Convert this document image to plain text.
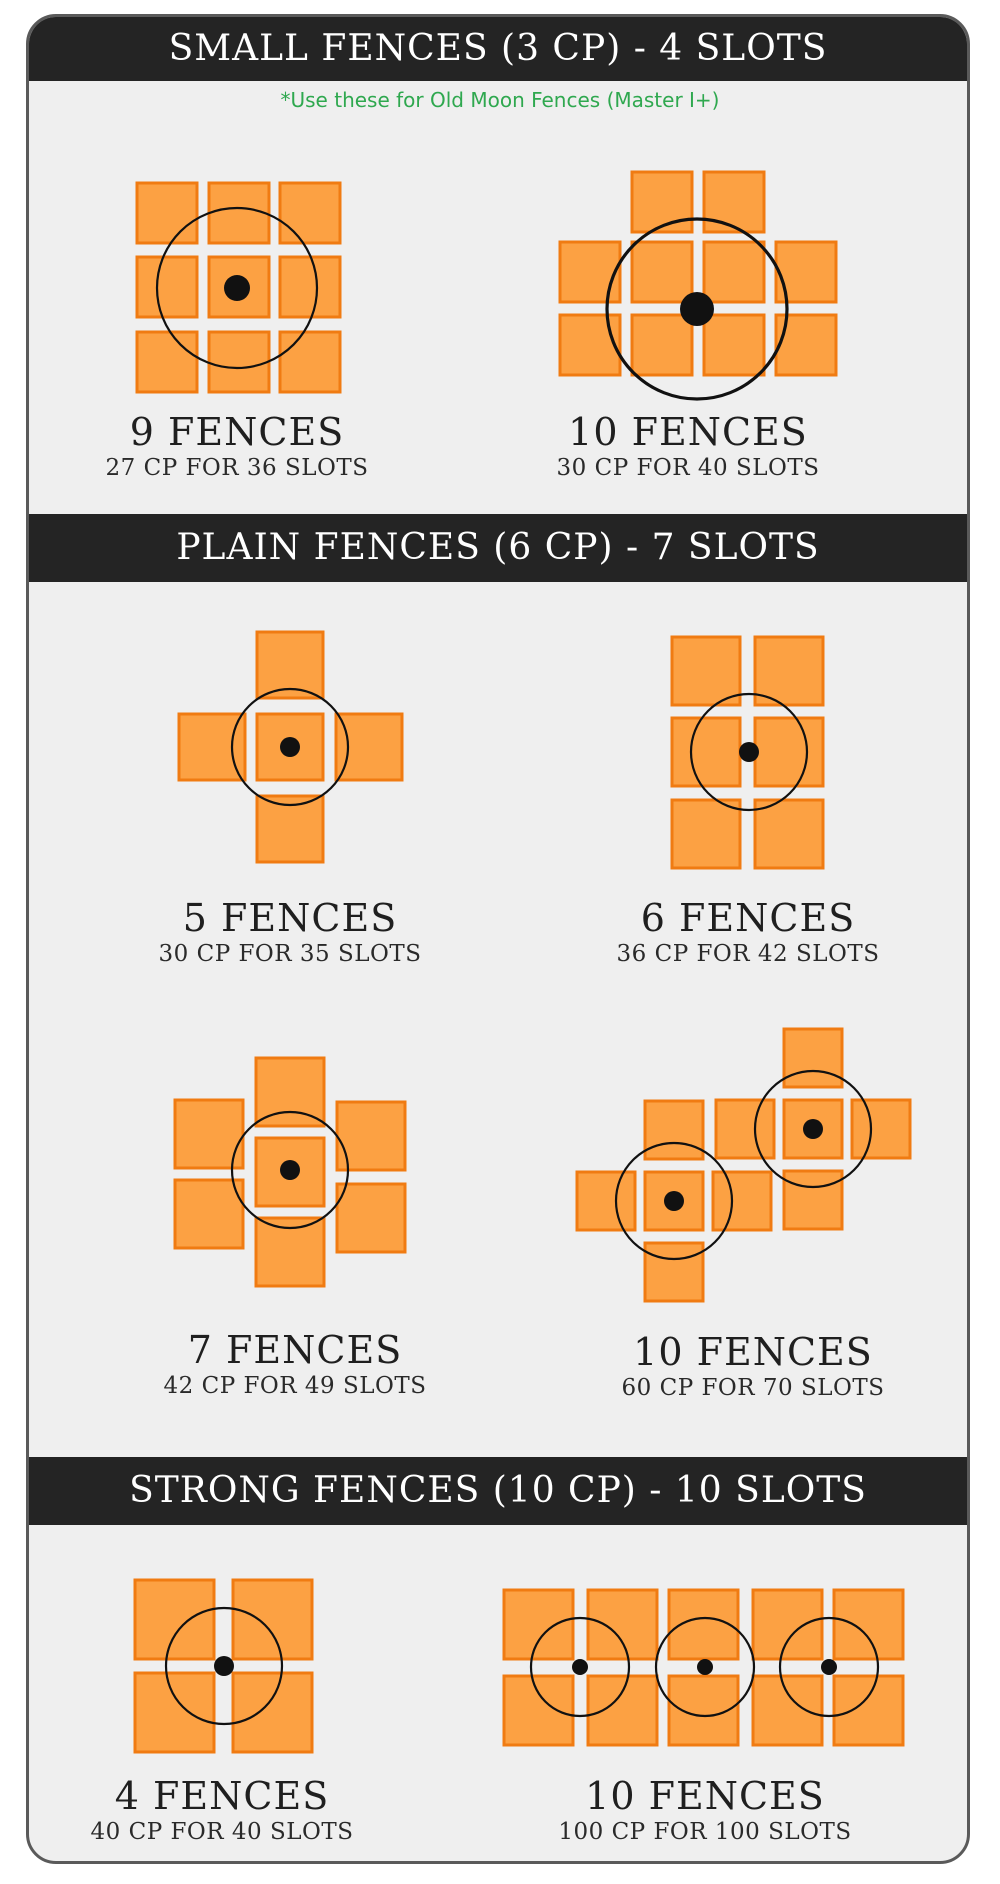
SMALL FENCES (3 CP) - 4 SLOTS
*Use these for Old Moon Fences (Master I+)
PLAIN FENCES (6 CP) - 7 SLOTS
STRONG FENCES (10 CP) - 10 SLOTS
9 FENCES
27 CP FOR 36 SLOTS
10 FENCES
30 CP FOR 40 SLOTS
5 FENCES
30 CP FOR 35 SLOTS
6 FENCES
36 CP FOR 42 SLOTS
7 FENCES
42 CP FOR 49 SLOTS
10 FENCES
60 CP FOR 70 SLOTS
4 FENCES
40 CP FOR 40 SLOTS
10 FENCES
100 CP FOR 100 SLOTS
